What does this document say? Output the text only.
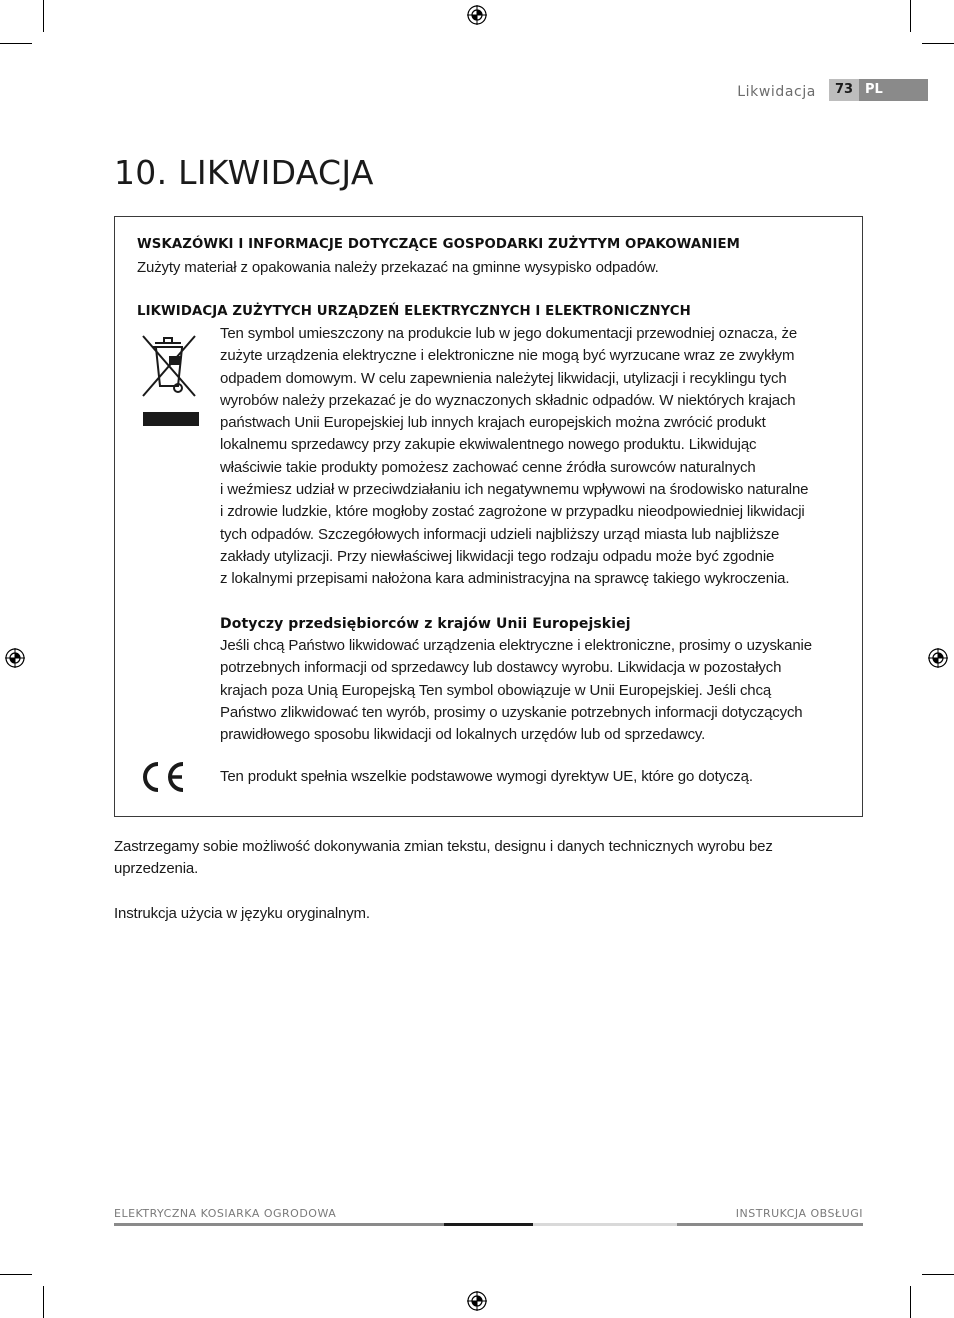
Likwidacja	73 PL
10. LIKWIDACJA
WSKAZÓWKI I INFORMACJE DOTYCZĄCE GOSPODARKI ZUŻYTYM OPAKOWANIEM
Zużyty materiał z opakowania należy przekazać na gminne wysypisko odpadów.
LIKWIDACJA ZUŻYTYCH URZĄDZEŃ ELEKTRYCZNYCH I ELEKTRONICZNYCH
Ten symbol umieszczony na produkcie lub w jego dokumentacji przewodniej oznacza, że
zużyte urządzenia elektryczne i elektroniczne nie mogą być wyrzucane wraz ze zwykłym
odpadem domowym. W celu zapewnienia należytej likwidacji, utylizacji i recyklingu tych
wyrobów należy przekazać je do wyznaczonych składnic odpadów. W niektórych krajach
państwach Unii Europejskiej lub innych krajach europejskich można zwrócić produkt
lokalnemu sprzedawcy przy zakupie ekwiwalentnego nowego produktu. Likwidując
właściwie takie produkty pomożesz zachować cenne źródła surowców naturalnych
i weźmiesz udział w przeciwdziałaniu ich negatywnemu wpływowi na środowisko naturalne
i zdrowie ludzkie, które mogłoby zostać zagrożone w przypadku nieodpowiedniej likwidacji
tych odpadów. Szczegółowych informacji udzieli najbliższy urząd miasta lub najbliższe
zakłady utylizacji. Przy niewłaściwej likwidacji tego rodzaju odpadu może być zgodnie
z lokalnymi przepisami nałożona kara administracyjna na sprawcę takiego wykroczenia.
Dotyczy przedsiębiorców z krajów Unii Europejskiej
Jeśli chcą Państwo likwidować urządzenia elektryczne i elektroniczne, prosimy o uzyskanie
potrzebnych informacji od sprzedawcy lub dostawcy wyrobu. Likwidacja w pozostałych
krajach poza Unią Europejską Ten symbol obowiązuje w Unii Europejskiej. Jeśli chcą
Państwo zlikwidować ten wyrób, prosimy o uzyskanie potrzebnych informacji dotyczących
prawidłowego sposobu likwidacji od lokalnych urzędów lub od sprzedawcy.
Ten produkt spełnia wszelkie podstawowe wymogi dyrektyw UE, które go dotyczą.
Zastrzegamy sobie możliwość dokonywania zmian tekstu, designu i danych technicznych wyrobu bez
uprzedzenia.
Instrukcja użycia w języku oryginalnym.
ELEKTRYCZNA KOSIARKA OGRODOWA	INSTRUKCJA OBSŁUGI
